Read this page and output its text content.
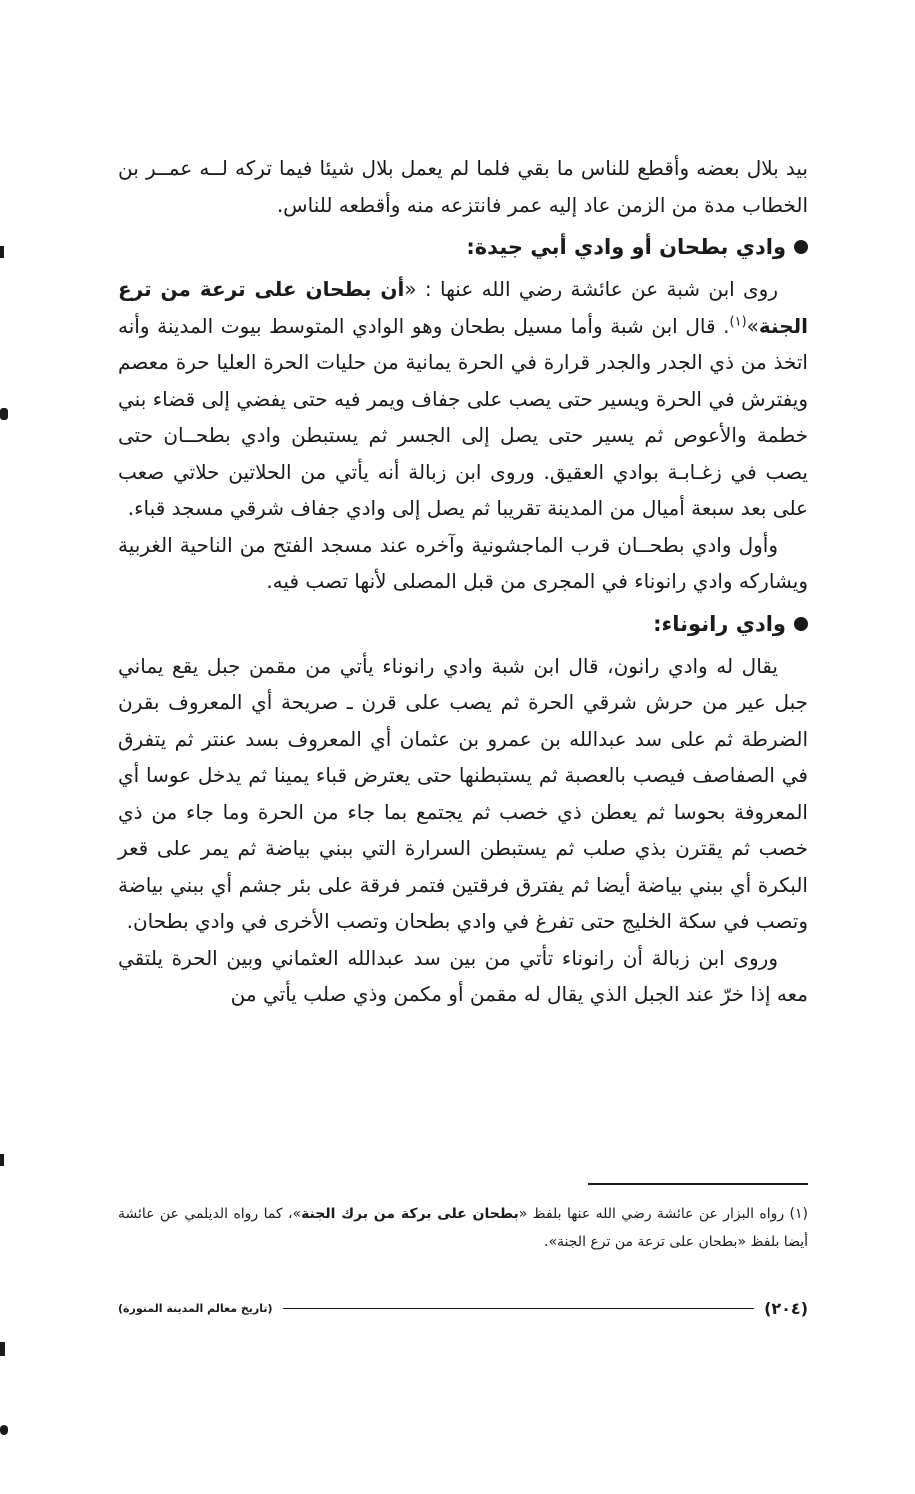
بيد بلال بعضه وأقطع للناس ما بقي فلما لم يعمل بلال شيئا فيما تركه لــه عمــر بن الخطاب مدة من الزمن عاد إليه عمر فانتزعه منه وأقطعه للناس.

وادي بطحان أو وادي أبي جيدة:

روى ابن شبة عن عائشة رضي الله عنها : «أن بطحان على ترعة من ترع الجنة»$^{(١)}$. قال ابن شبة وأما مسيل بطحان وهو الوادي المتوسط بيوت المدينة وأنه اتخذ من ذي الجدر والجدر قرارة في الحرة يمانية من حليات الحرة العليا حرة معصم ويفترش في الحرة ويسير حتى يصب على جفاف ويمر فيه حتى يفضي إلى قضاء بني خطمة والأعوص ثم يسير حتى يصل إلى الجسر ثم يستبطن وادي بطحــان حتى يصب في زغـابـة بوادي العقيق. وروى ابن زبالة أنه يأتي من الحلاتين حلاتي صعب على بعد سبعة أميال من المدينة تقريبا ثم يصل إلى وادي جفاف شرقي مسجد قباء.

وأول وادي بطحــان قرب الماجشونية وآخره عند مسجد الفتح من الناحية الغربية ويشاركه وادي رانوناء في المجرى من قبل المصلى لأنها تصب فيه.

وادي رانوناء:

يقال له وادي رانون، قال ابن شبة وادي رانوناء يأتي من مقمن جبل يقع يماني جبل عير من حرش شرقي الحرة ثم يصب على قرن ـ صريحة أي المعروف بقرن الضرطة ثم على سد عبدالله بن عمرو بن عثمان أي المعروف بسد عنتر ثم يتفرق في الصفاصف فيصب بالعصبة ثم يستبطنها حتى يعترض قباء يمينا ثم يدخل عوسا أي المعروفة بحوسا ثم يعطن ذي خصب ثم يجتمع بما جاء من الحرة وما جاء من ذي خصب ثم يقترن بذي صلب ثم يستبطن السرارة التي ببني بياضة ثم يمر على قعر البكرة أي ببني بياضة أيضا ثم يفترق فرقتين فتمر فرقة على بئر جشم أي ببني بياضة وتصب في سكة الخليج حتى تفرغ في وادي بطحان وتصب الأخرى في وادي بطحان.

وروى ابن زبالة أن رانوناء تأتي من بين سد عبدالله العثماني وبين الحرة يلتقي معه إذا خرّ عند الجبل الذي يقال له مقمن أو مكمن وذي صلب يأتي من

(١) رواه البزار عن عائشة رضي الله عنها بلفظ «بطحان على بركة من برك الجنة»، كما رواه الديلمي عن عائشة أيضا بلفظ «بطحان على ترعة من ترع الجنة».
(٢٠٤)
(تاريخ معالم المدينة المنورة)
